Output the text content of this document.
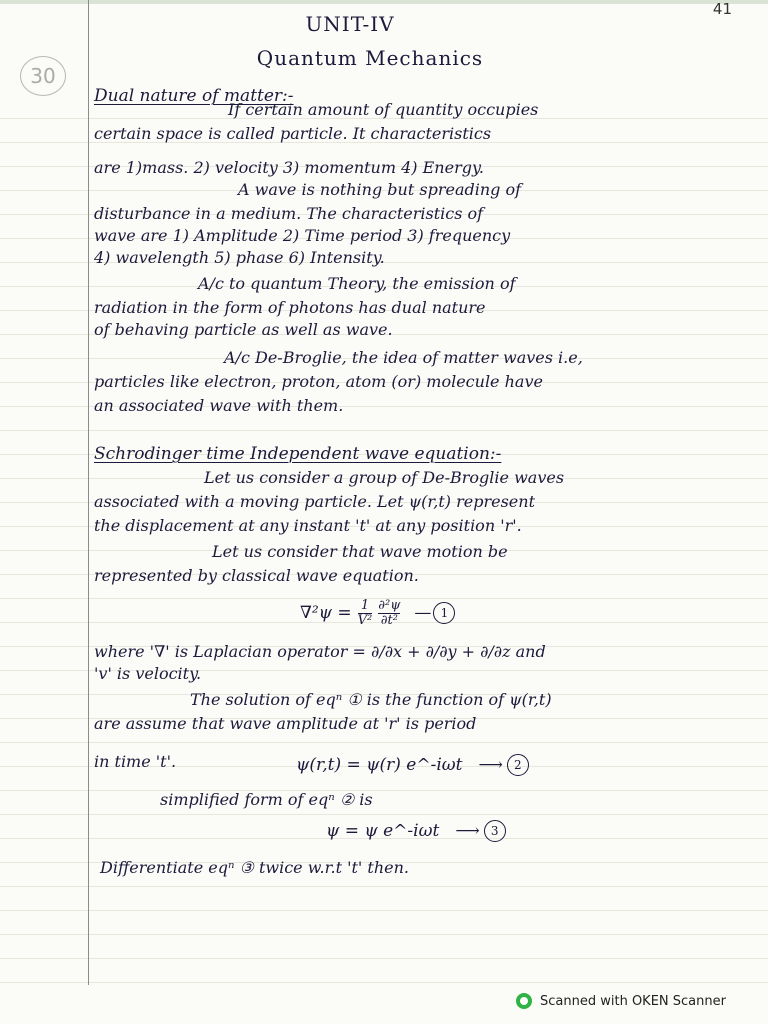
41
30
UNIT-IV
Quantum Mechanics
Dual nature of matter:-
If certain amount of quantity occupies
certain space is called particle. It characteristics
are 1)mass. 2) velocity 3) momentum 4) Energy.
A wave is nothing but spreading of
disturbance in a medium. The characteristics of
wave are 1) Amplitude 2) Time period 3) frequency
4) wavelength 5) phase 6) Intensity.
A/c to quantum Theory, the emission of
radiation in the form of photons has dual nature
of behaving particle as well as wave.
A/c De-Broglie, the idea of matter waves i.e,
particles like electron, proton, atom (or) molecule have
an associated wave with them.
Schrodinger time Independent wave equation:-
Let us consider a group of De-Broglie waves
associated with a moving particle. Let ψ(r,t) represent
the displacement at any instant 't' at any position 'r'.
Let us consider that wave motion be
represented by classical wave equation.
$\nabla^2\psi = \frac{1}{\text{V²}} \frac{\text{∂²ψ}}{\text{∂t²}}$ — 1
where '∇' is Laplacian operator = ∂/∂x + ∂/∂y + ∂/∂z and
'v' is velocity.
The solution of eqⁿ ① is the function of ψ(r,t)
are assume that wave amplitude at 'r' is period
in time 't'.	ψ(r,t) = ψ(r) e^-iωt ⟶ 2
simplified form of eqⁿ ② is
ψ = ψ e^-iωt ⟶ 3
Differentiate eqⁿ ③ twice w.r.t 't' then.
Scanned with OKEN Scanner
